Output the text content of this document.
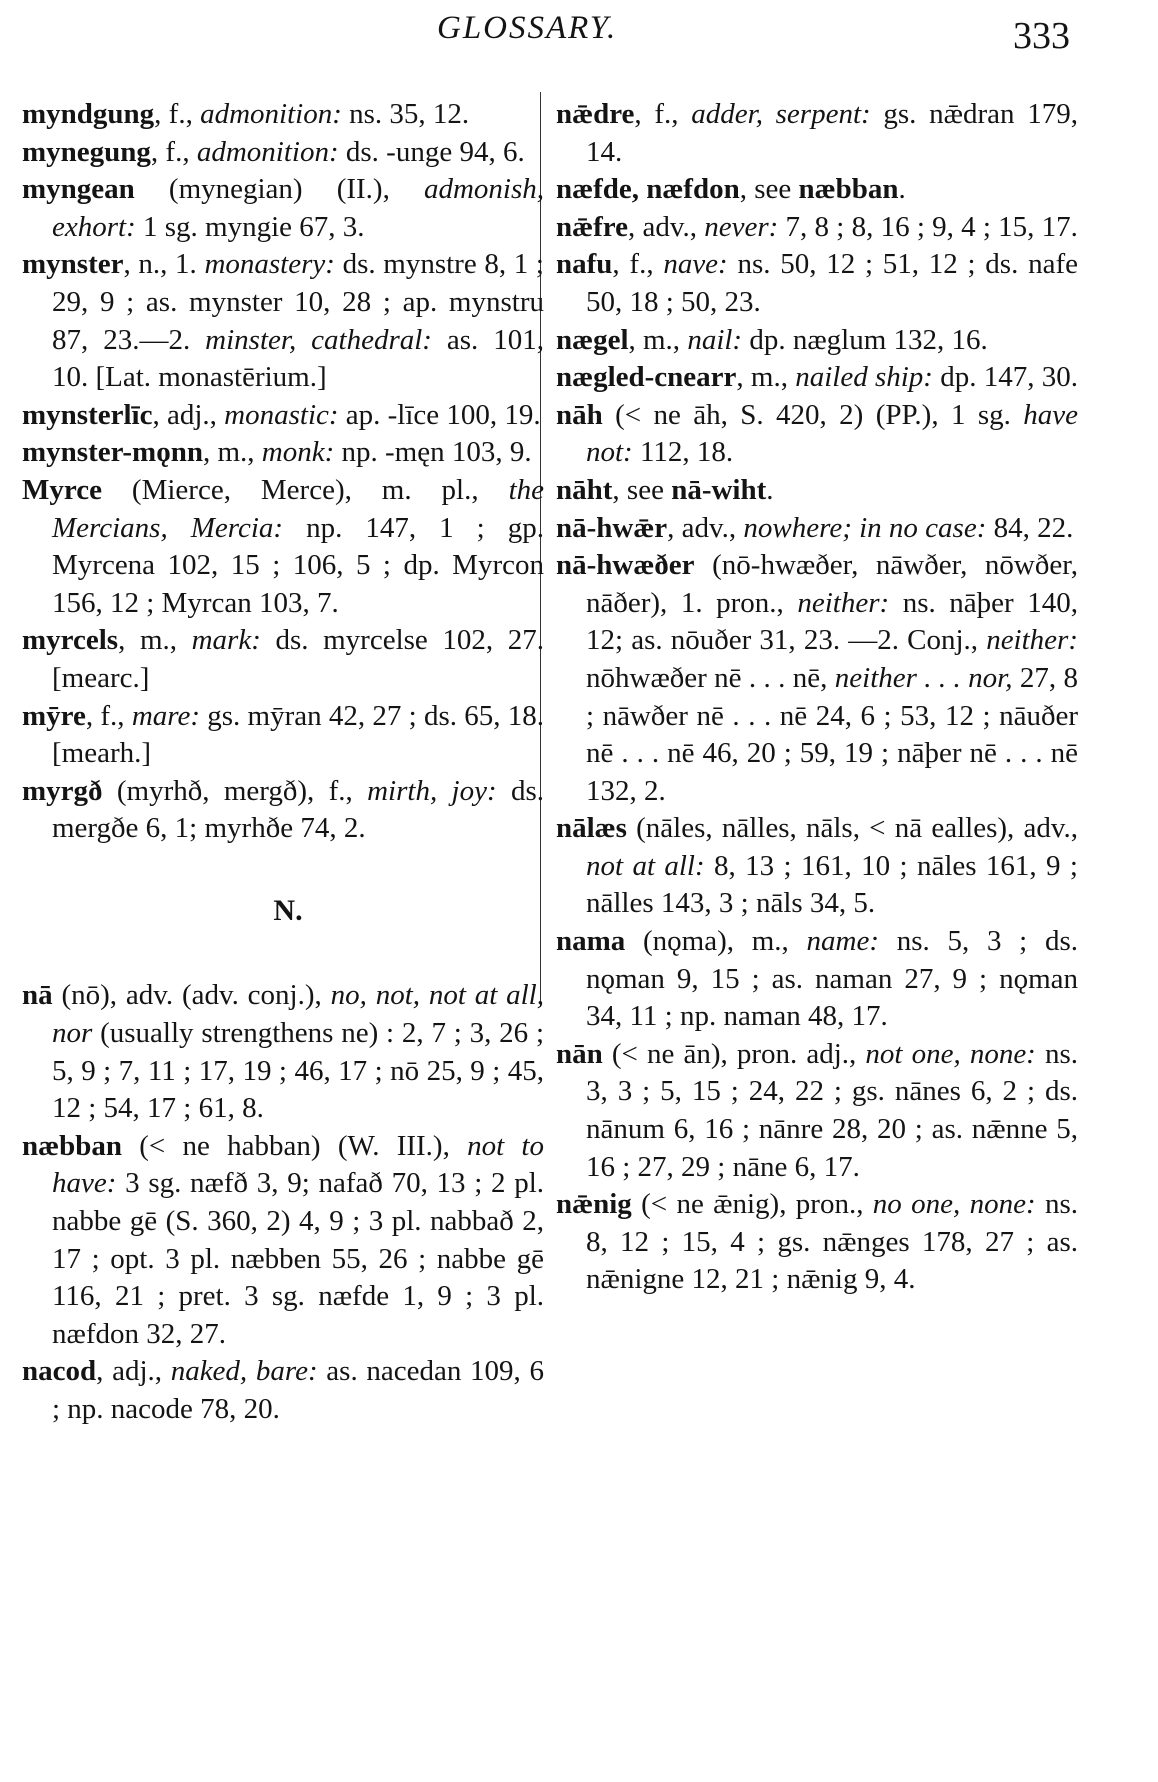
GLOSSARY.	333

myndgung, f., admonition: ns. 35, 12.

mynegung, f., admonition: ds. -unge 94, 6.

myngean (mynegian) (II.), admonish, exhort: 1 sg. myngie 67, 3.

mynster, n., 1. monastery: ds. mynstre 8, 1 ; 29, 9 ; as. mynster 10, 28 ; ap. mynstru 87, 23.—2. minster, cathedral: as. 101, 10. [Lat. monastērium.]

mynsterlīc, adj., monastic: ap. -līce 100, 19.

mynster-mǫnn, m., monk: np. -męn 103, 9.

Myrce (Mierce, Merce), m. pl., the Mercians, Mercia: np. 147, 1 ; gp. Myrcena 102, 15 ; 106, 5 ; dp. Myrcon 156, 12 ; Myrcan 103, 7.

myrcels, m., mark: ds. myrcelse 102, 27. [mearc.]

mȳre, f., mare: gs. mȳran 42, 27 ; ds. 65, 18. [mearh.]

myrgð (myrhð, mergð), f., mirth, joy: ds. mergðe 6, 1; myrhðe 74, 2.

N.

nā (nō), adv. (adv. conj.), no, not, not at all, nor (usually strengthens ne) : 2, 7 ; 3, 26 ; 5, 9 ; 7, 11 ; 17, 19 ; 46, 17 ; nō 25, 9 ; 45, 12 ; 54, 17 ; 61, 8.

næbban (< ne habban) (W. III.), not to have: 3 sg. næfð 3, 9; nafað 70, 13 ; 2 pl. nabbe gē (S. 360, 2) 4, 9 ; 3 pl. nabbað 2, 17 ; opt. 3 pl. næbben 55, 26 ; nabbe gē 116, 21 ; pret. 3 sg. næfde 1, 9 ; 3 pl. næfdon 32, 27.

nacod, adj., naked, bare: as. nacedan 109, 6 ; np. nacode 78, 20.

nǣdre, f., adder, serpent: gs. nǣdran 179, 14.

næfde, næfdon, see næbban.

nǣfre, adv., never: 7, 8 ; 8, 16 ; 9, 4 ; 15, 17.

nafu, f., nave: ns. 50, 12 ; 51, 12 ; ds. nafe 50, 18 ; 50, 23.

nægel, m., nail: dp. næglum 132, 16.

nægled-cnearr, m., nailed ship: dp. 147, 30.

nāh (< ne āh, S. 420, 2) (PP.), 1 sg. have not: 112, 18.

nāht, see nā-wiht.

nā-hwǣr, adv., nowhere; in no case: 84, 22.

nā-hwæðer (nō-hwæðer, nāwðer, nōwðer, nāðer), 1. pron., neither: ns. nāþer 140, 12; as. nōuðer 31, 23. —2. Conj., neither: nōhwæðer nē . . . nē, neither . . . nor, 27, 8 ; nāwðer nē . . . nē 24, 6 ; 53, 12 ; nāuðer nē . . . nē 46, 20 ; 59, 19 ; nāþer nē . . . nē 132, 2.

nālæs (nāles, nālles, nāls, < nā ealles), adv., not at all: 8, 13 ; 161, 10 ; nāles 161, 9 ; nālles 143, 3 ; nāls 34, 5.

nama (nǫma), m., name: ns. 5, 3 ; ds. nǫman 9, 15 ; as. naman 27, 9 ; nǫman 34, 11 ; np. naman 48, 17.

nān (< ne ān), pron. adj., not one, none: ns. 3, 3 ; 5, 15 ; 24, 22 ; gs. nānes 6, 2 ; ds. nānum 6, 16 ; nānre 28, 20 ; as. nǣnne 5, 16 ; 27, 29 ; nāne 6, 17.

nǣnig (< ne ǣnig), pron., no one, none: ns. 8, 12 ; 15, 4 ; gs. nǣnges 178, 27 ; as. nǣnigne 12, 21 ; nǣnig 9, 4.
